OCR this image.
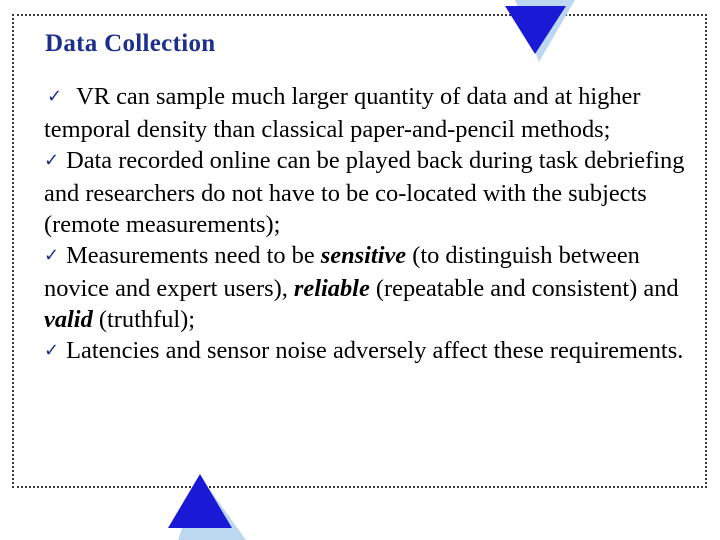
Data Collection

✓ VR can sample much larger quantity of data and at higher temporal density than classical paper-and-pencil methods;

✓ Data recorded online can be played back during task debriefing and researchers do not have to be co-located with the subjects (remote measurements);

✓ Measurements need to be sensitive (to distinguish between novice and expert users), reliable (repeatable and consistent) and valid (truthful);

✓ Latencies and sensor noise adversely affect these requirements.
